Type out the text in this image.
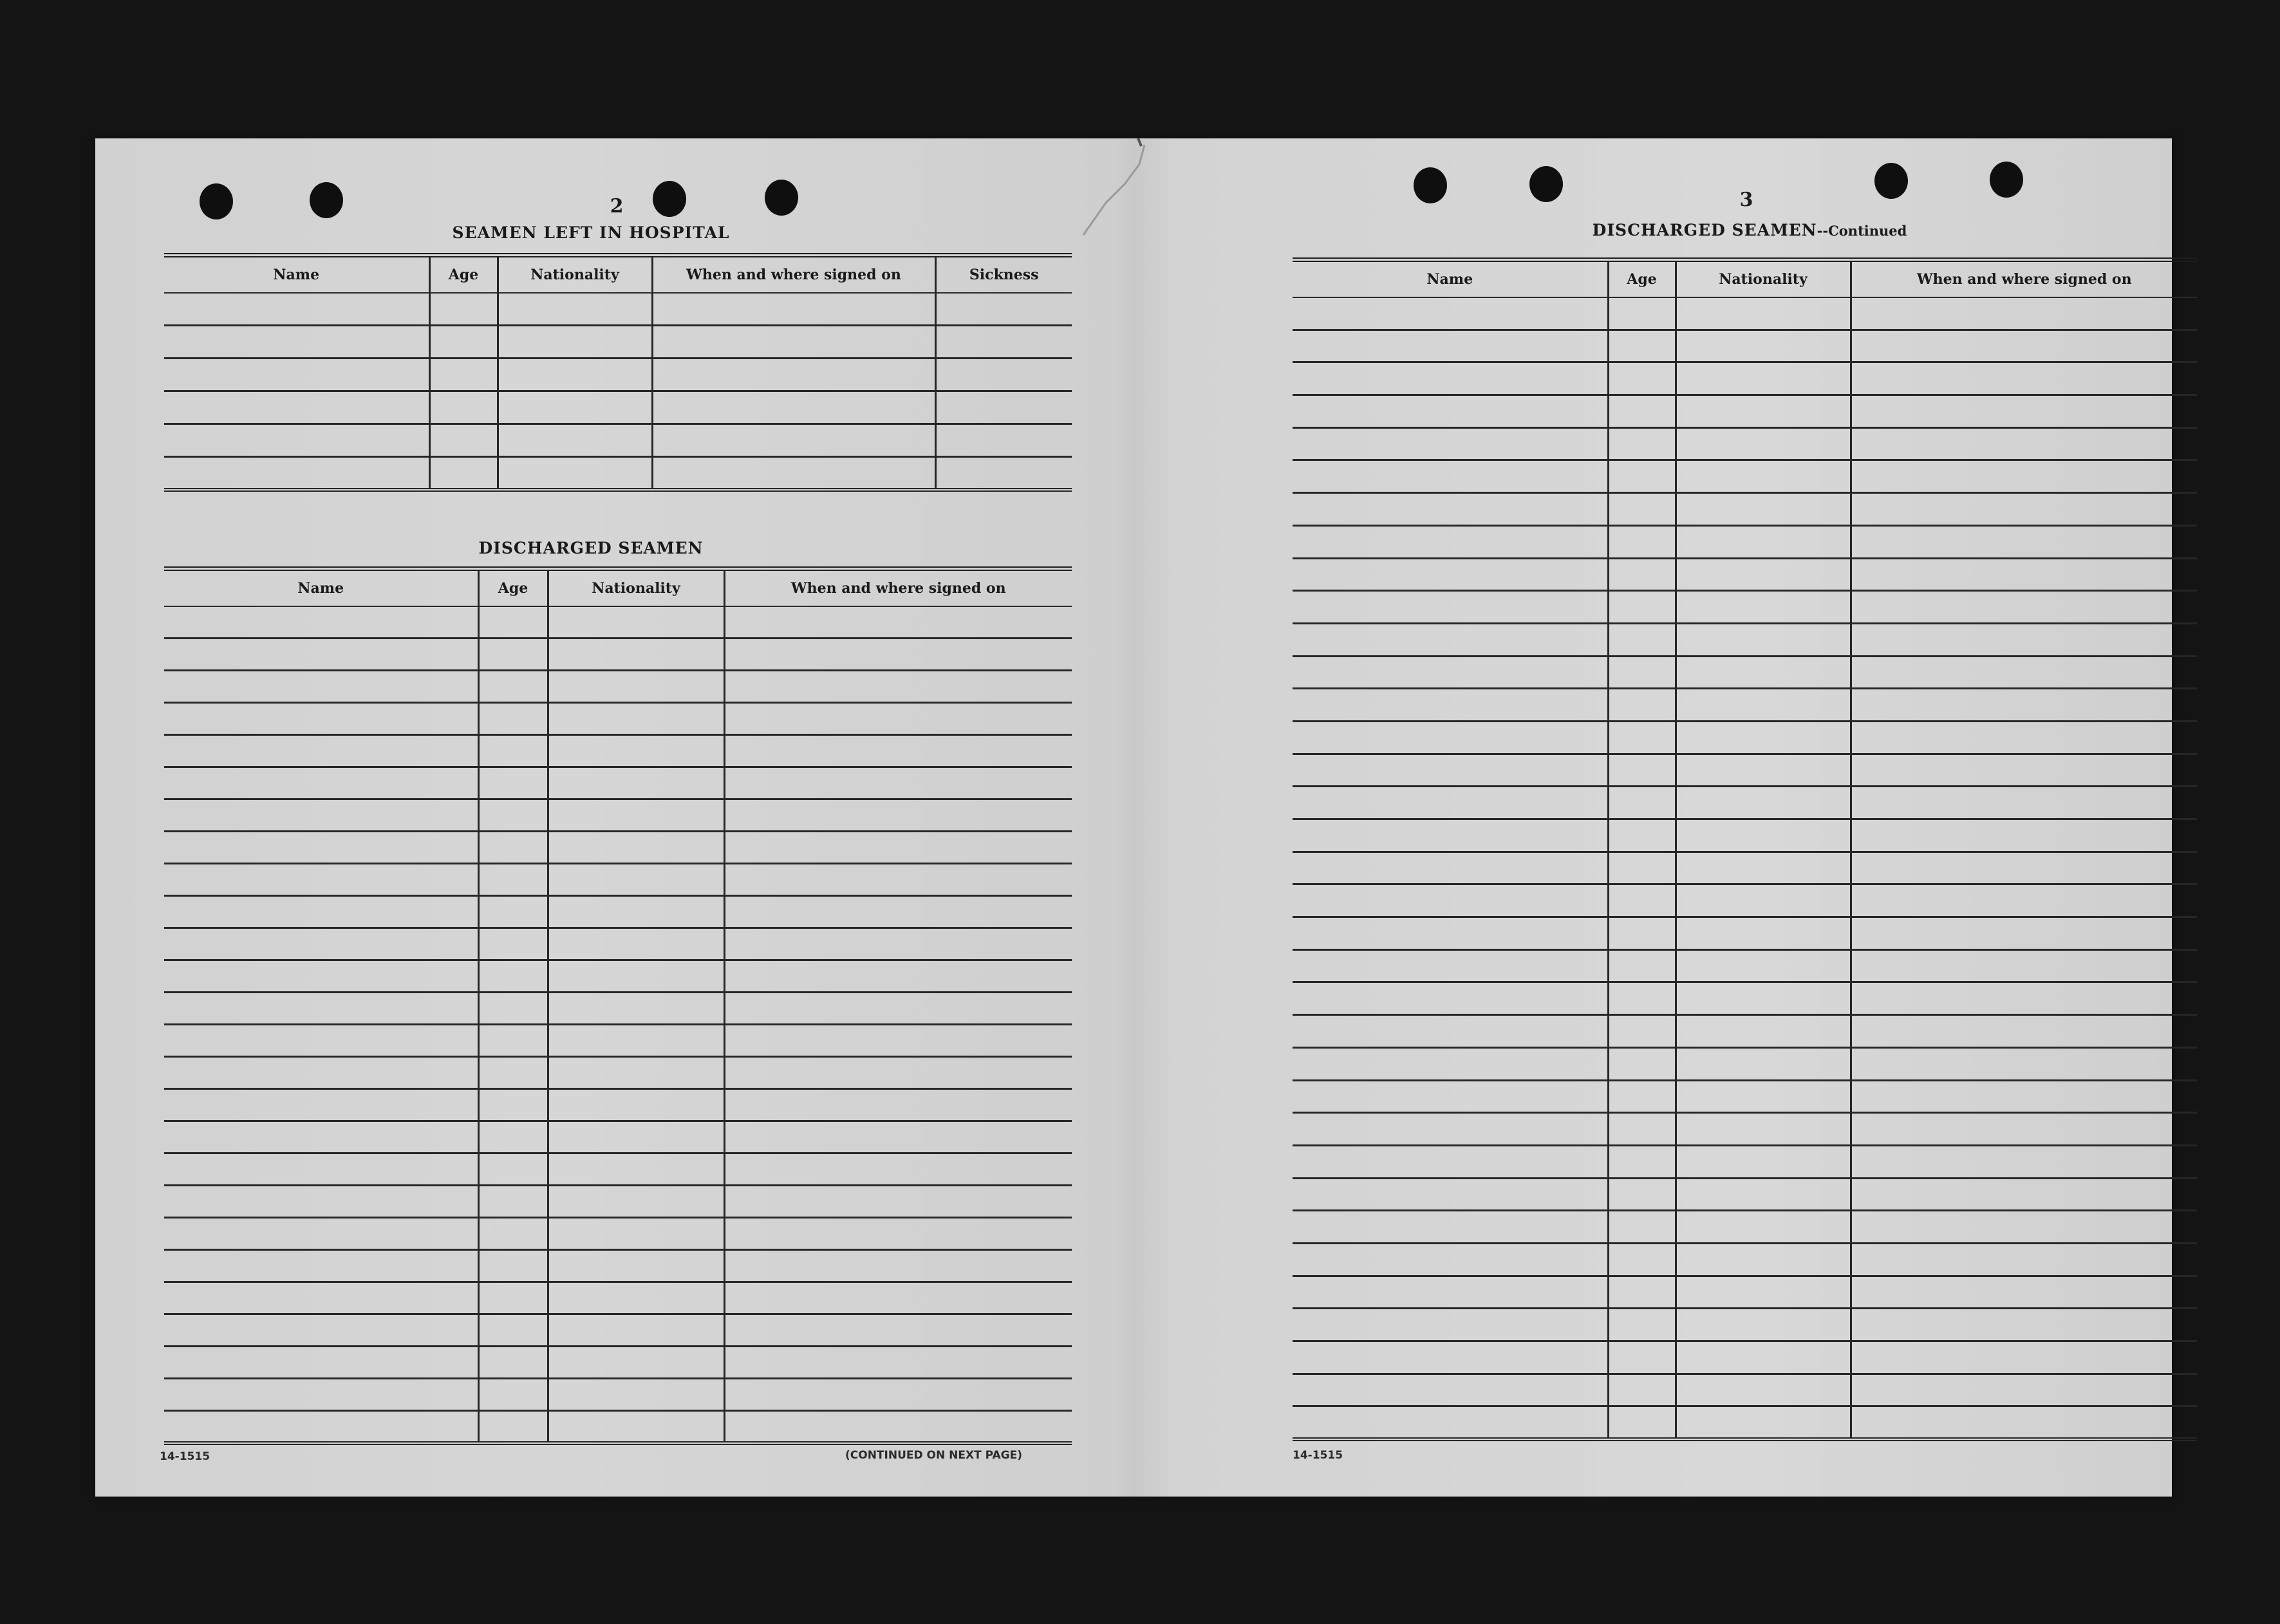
2
SEAMEN LEFT IN HOSPITAL
Name	Age	Nationality	When and where signed on	Sickness

DISCHARGED SEAMEN
Name	Age	Nationality	When and where signed on

14-1515	(CONTINUED ON NEXT PAGE)
3
DISCHARGED SEAMEN--Continued
Name	Age	Nationality	When and where signed on

14-1515
